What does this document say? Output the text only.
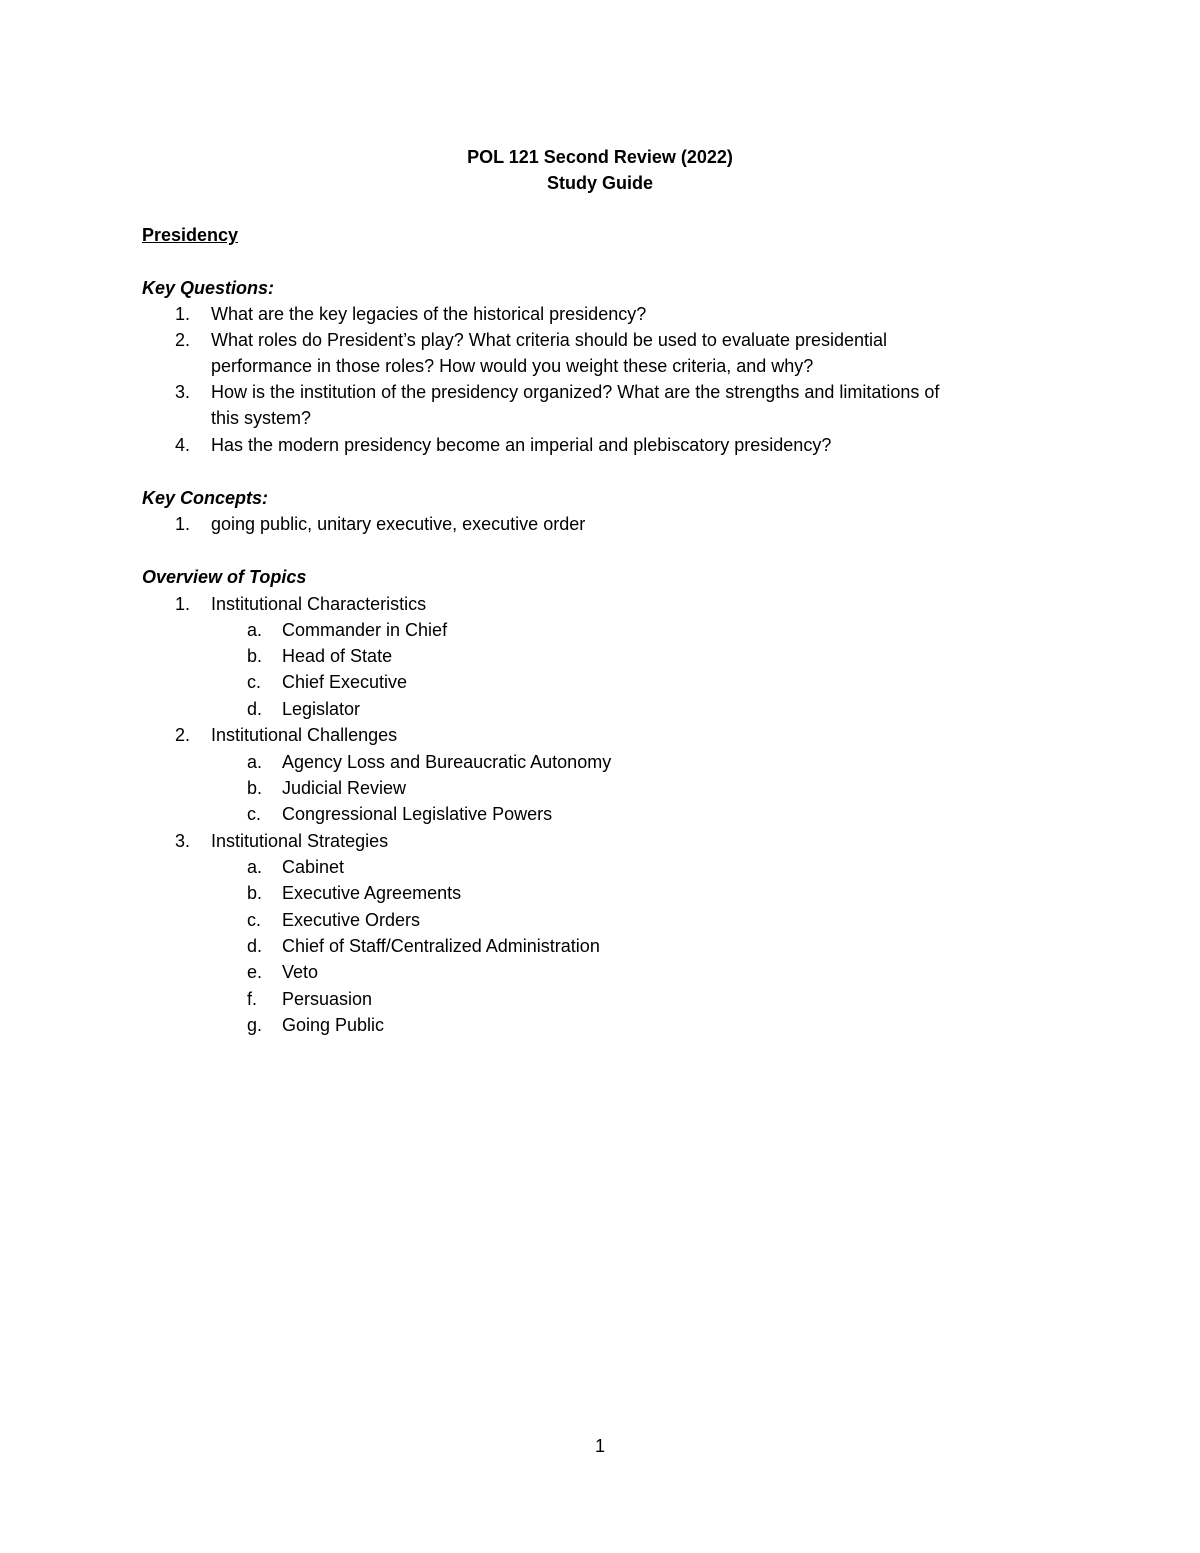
POL 121 Second Review (2022)
Study Guide
Presidency
Key Questions:
1. What are the key legacies of the historical presidency?
2. What roles do President’s play? What criteria should be used to evaluate presidential
performance in those roles? How would you weight these criteria, and why?
3. How is the institution of the presidency organized? What are the strengths and limitations of
this system?
4. Has the modern presidency become an imperial and plebiscatory presidency?
Key Concepts:
1. going public, unitary executive, executive order
Overview of Topics
1. Institutional Characteristics
a. Commander in Chief
b. Head of State
c. Chief Executive
d. Legislator
2. Institutional Challenges
a. Agency Loss and Bureaucratic Autonomy
b. Judicial Review
c. Congressional Legislative Powers
3. Institutional Strategies
a. Cabinet
b. Executive Agreements
c. Executive Orders
d. Chief of Staff/Centralized Administration
e. Veto
f. Persuasion
g. Going Public
1
